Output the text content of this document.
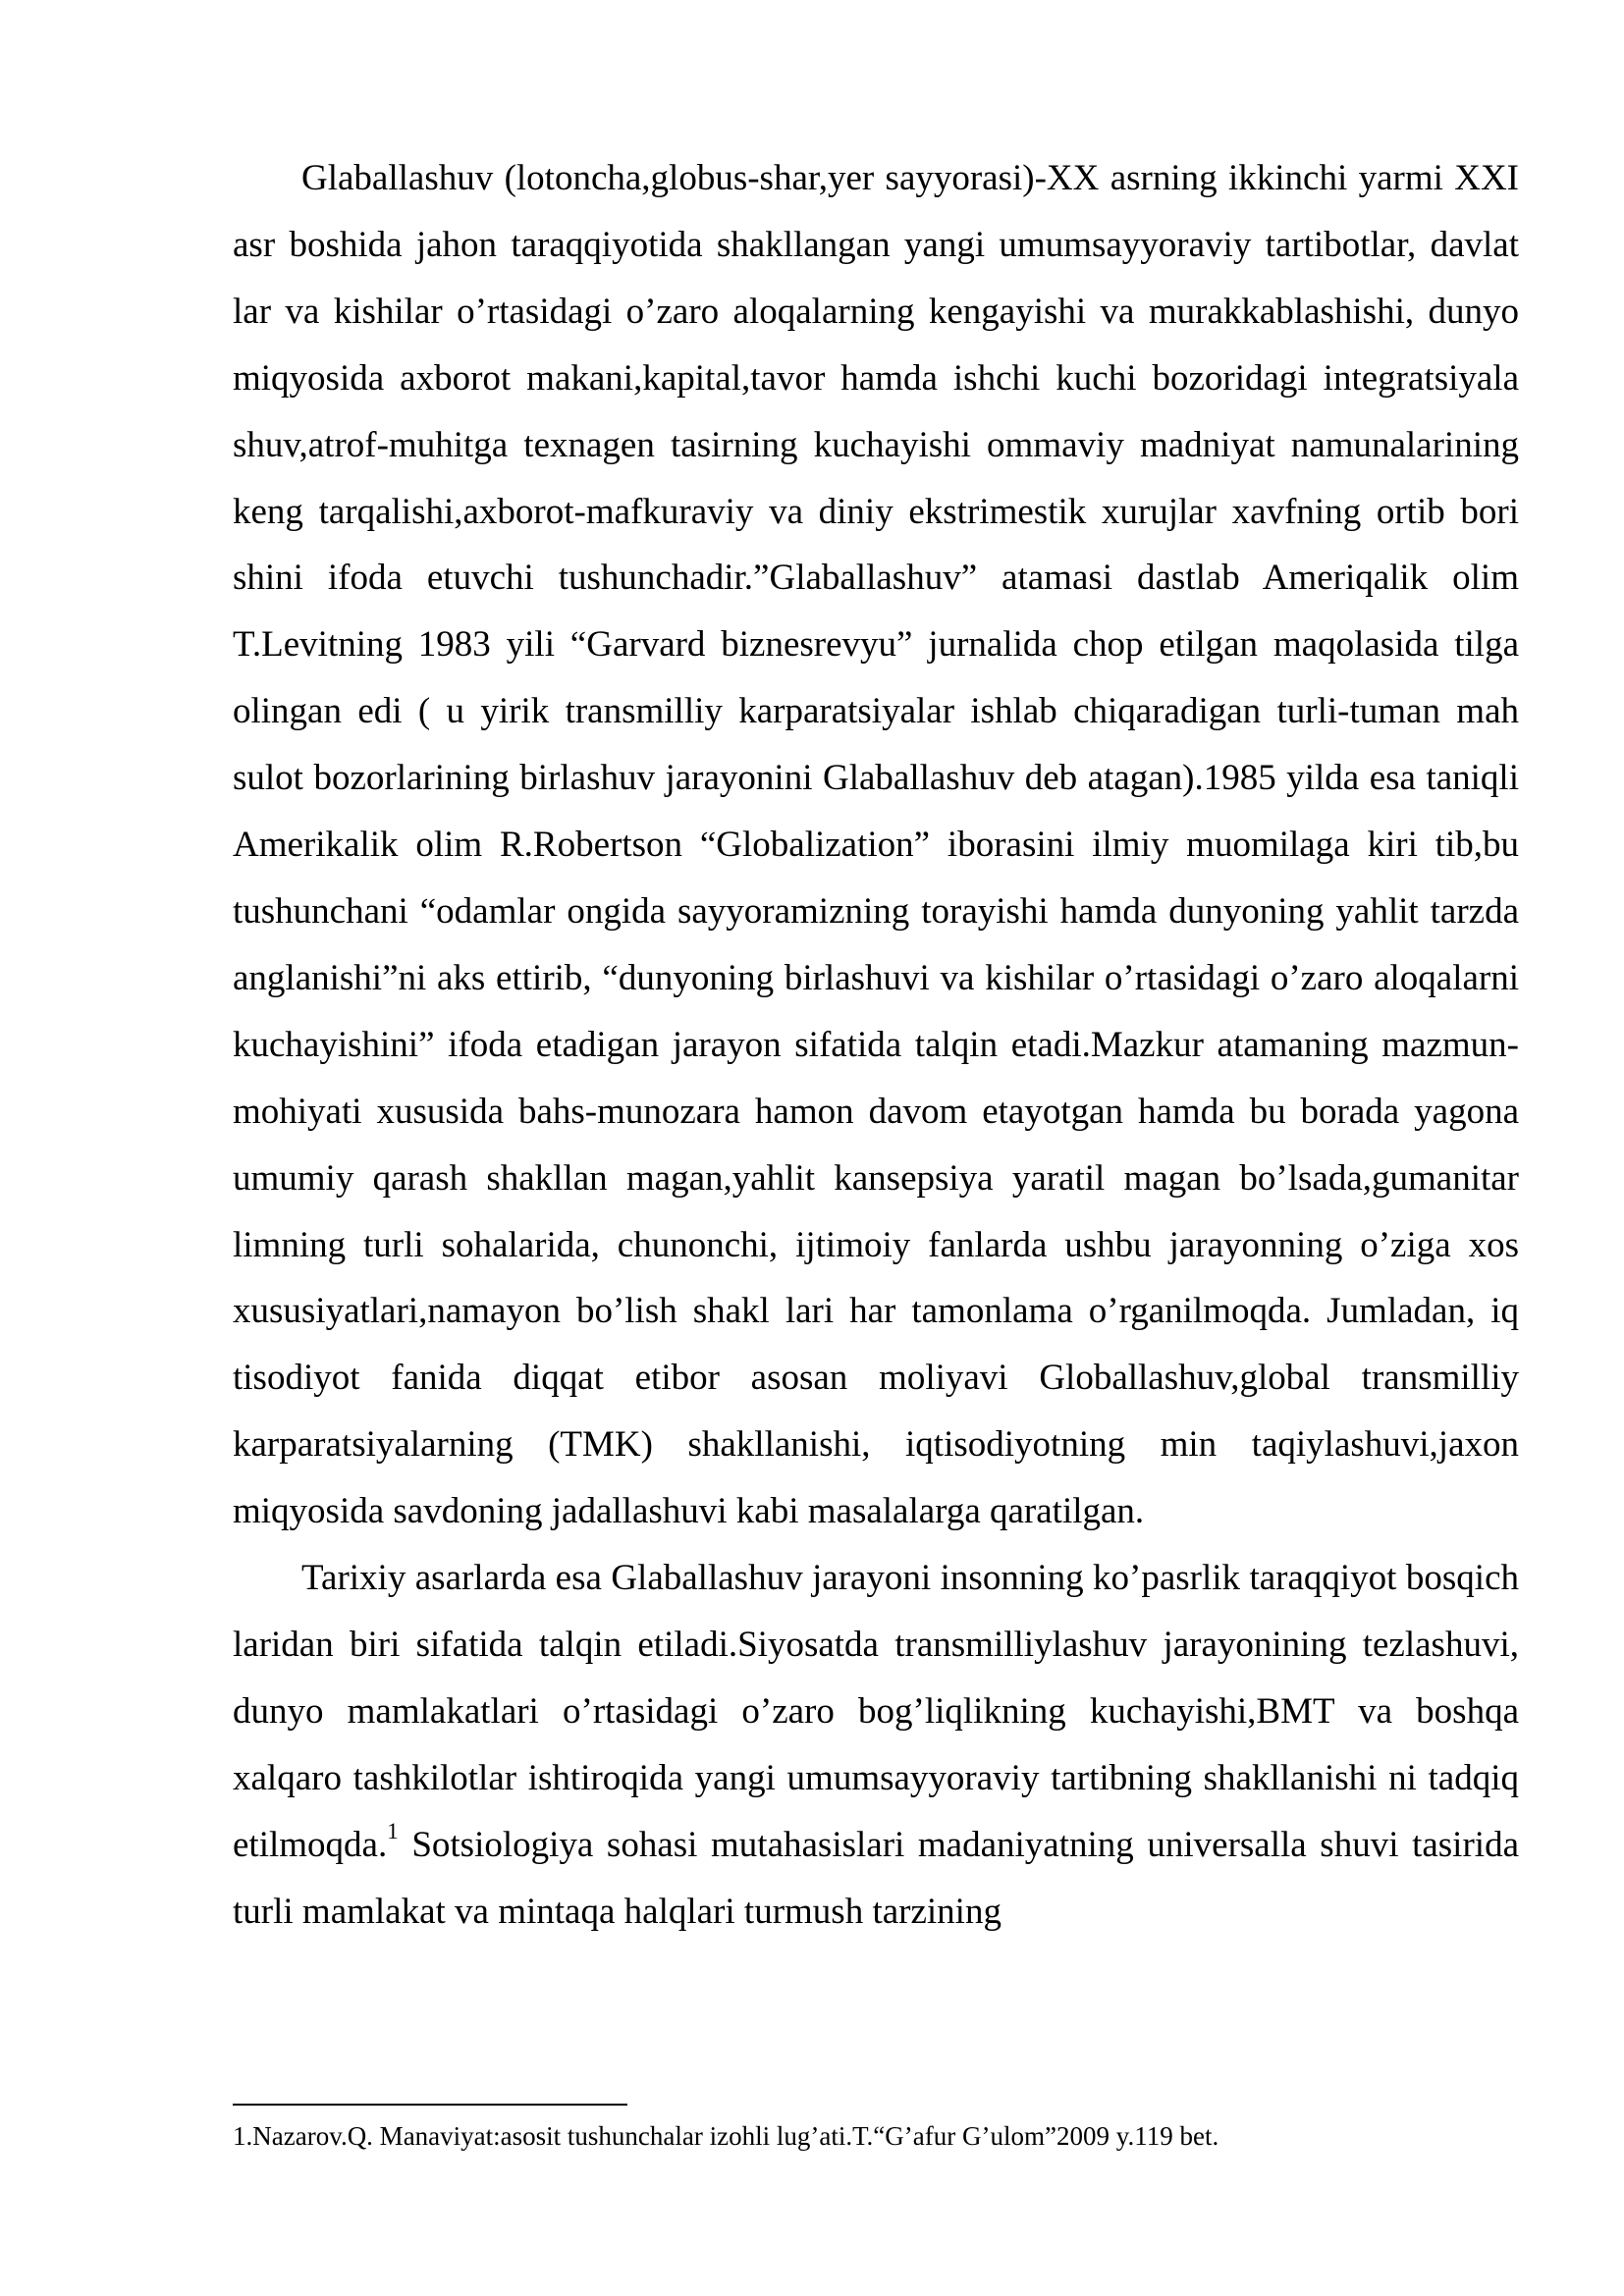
Glaballashuv (lotoncha,globus-shar,yer sayyorasi)-XX asrning ikkinchi yarmi XXI asr boshida jahon taraqqiyotida shakllangan yangi umumsayyoraviy tartibotlar, davlat lar va kishilar o’rtasidagi o’zaro aloqalarning kengayishi va murakkablashishi, dunyo miqyosida axborot makani,kapital,tavor hamda ishchi kuchi bozoridagi integratsiyala shuv,atrof-muhitga texnagen tasirning kuchayishi ommaviy madniyat namunalarining keng tarqalishi,axborot-mafkuraviy va diniy ekstrimestik xurujlar xavfning ortib bori shini ifoda etuvchi tushunchadir.”Glaballashuv” atamasi dastlab Ameriqalik olim T.Levitning 1983 yili “Garvard biznesrevyu” jurnalida chop etilgan maqolasida tilga olingan edi ( u yirik transmilliy karparatsiyalar ishlab chiqaradigan turli-tuman mah sulot bozorlarining birlashuv jarayonini Glaballashuv deb atagan).1985 yilda esa taniqli Amerikalik olim R.Robertson “Globalization” iborasini ilmiy muomilaga kiri tib,bu tushunchani “odamlar ongida sayyoramizning torayishi hamda dunyoning yahlit tarzda anglanishi”ni aks ettirib, “dunyoning birlashuvi va kishilar o’rtasidagi o’zaro aloqalarni kuchayishini” ifoda etadigan jarayon sifatida talqin etadi.Mazkur atamaning mazmun-mohiyati xususida bahs-munozara hamon davom etayotgan hamda bu borada yagona umumiy qarash shakllan magan,yahlit kansepsiya yaratil magan bo’lsada,gumanitar limning turli sohalarida, chunonchi, ijtimoiy fanlarda ushbu jarayonning o’ziga xos xususiyatlari,namayon bo’lish shakl lari har tamonlama o’rganilmoqda. Jumladan, iq tisodiyot fanida diqqat etibor asosan moliyavi Globallashuv,global transmilliy karparatsiyalarning (TMK) shakllanishi, iqtisodiyotning min taqiylashuvi,jaxon miqyosida savdoning jadallashuvi kabi masalalarga qaratilgan.

Tarixiy asarlarda esa Glaballashuv jarayoni insonning ko’pasrlik taraqqiyot bosqich laridan biri sifatida talqin etiladi.Siyosatda transmilliylashuv jarayonining tezlashuvi, dunyo mamlakatlari o’rtasidagi o’zaro bog’liqlikning kuchayishi,BMT va boshqa xalqaro tashkilotlar ishtiroqida yangi umumsayyoraviy tartibning shakllanishi ni tadqiq etilmoqda.$^1$ Sotsiologiya sohasi mutahasislari madaniyatning universalla shuvi tasirida turli mamlakat va mintaqa halqlari turmush tarzining

1.Nazarov.Q. Manaviyat:asosit tushunchalar izohli lug’ati.T.“G’afur G’ulom”2009 y.119 bet.
